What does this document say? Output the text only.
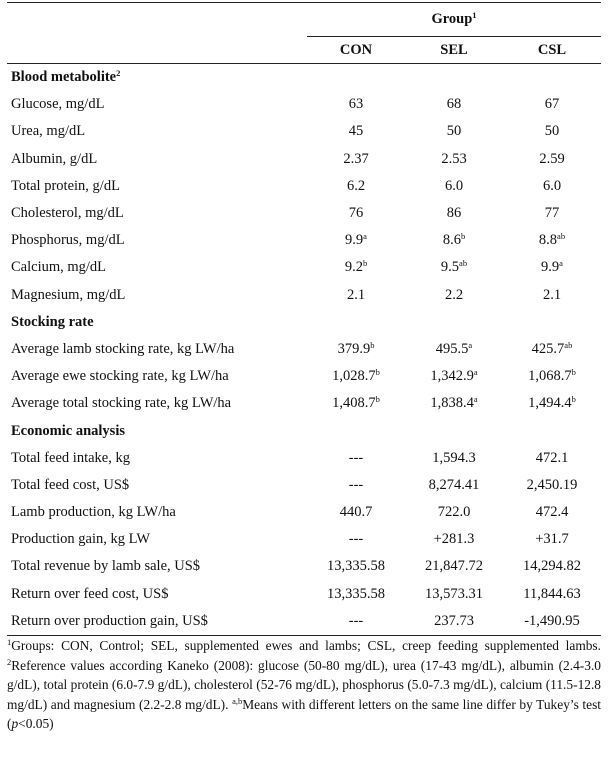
	Group$^1$
	CON	SEL	CSL
Blood metabolite$^2$
Glucose, mg/dL	63	68	67
Urea, mg/dL	45	50	50
Albumin, g/dL	2.37	2.53	2.59
Total protein, g/dL	6.2	6.0	6.0
Cholesterol, mg/dL	76	86	77
Phosphorus, mg/dL	9.9$^a$	8.6$^b$	8.8$^{ab}$
Calcium, mg/dL	9.2$^b$	9.5$^{ab}$	9.9$^a$
Magnesium, mg/dL	2.1	2.2	2.1
Stocking rate			
Average lamb stocking rate, kg LW/ha	379.9$^b$	495.5$^a$	425.7$^{ab}$
Average ewe stocking rate, kg LW/ha	1,028.7$^b$	1,342.9$^a$	1,068.7$^b$
Average total stocking rate, kg LW/ha	1,408.7$^b$	1,838.4$^a$	1,494.4$^b$
Economic analysis			
Total feed intake, kg	---	1,594.3	472.1
Total feed cost, US$	---	8,274.41	2,450.19
Lamb production, kg LW/ha	440.7	722.0	472.4
Production gain, kg LW	---	+281.3	+31.7
Total revenue by lamb sale, US$	13,335.58	21,847.72	14,294.82
Return over feed cost, US$	13,335.58	13,573.31	11,844.63
Return over production gain, US$	---	237.73	-1,490.95
$^1$Groups: CON, Control; SEL, supplemented ewes and lambs; CSL, creep feeding supplemented lambs. $^2$Reference values according Kaneko (2008): glucose (50-80 mg/dL), urea (17-43 mg/dL), albumin (2.4-3.0 g/dL), total protein (6.0-7.9 g/dL), cholesterol (52-76 mg/dL), phosphorus (5.0-7.3 mg/dL), calcium (11.5-12.8 mg/dL) and magnesium (2.2-2.8 mg/dL). $^{a,b}$Means with different letters on the same line differ by Tukey’s test (p<0.05)
